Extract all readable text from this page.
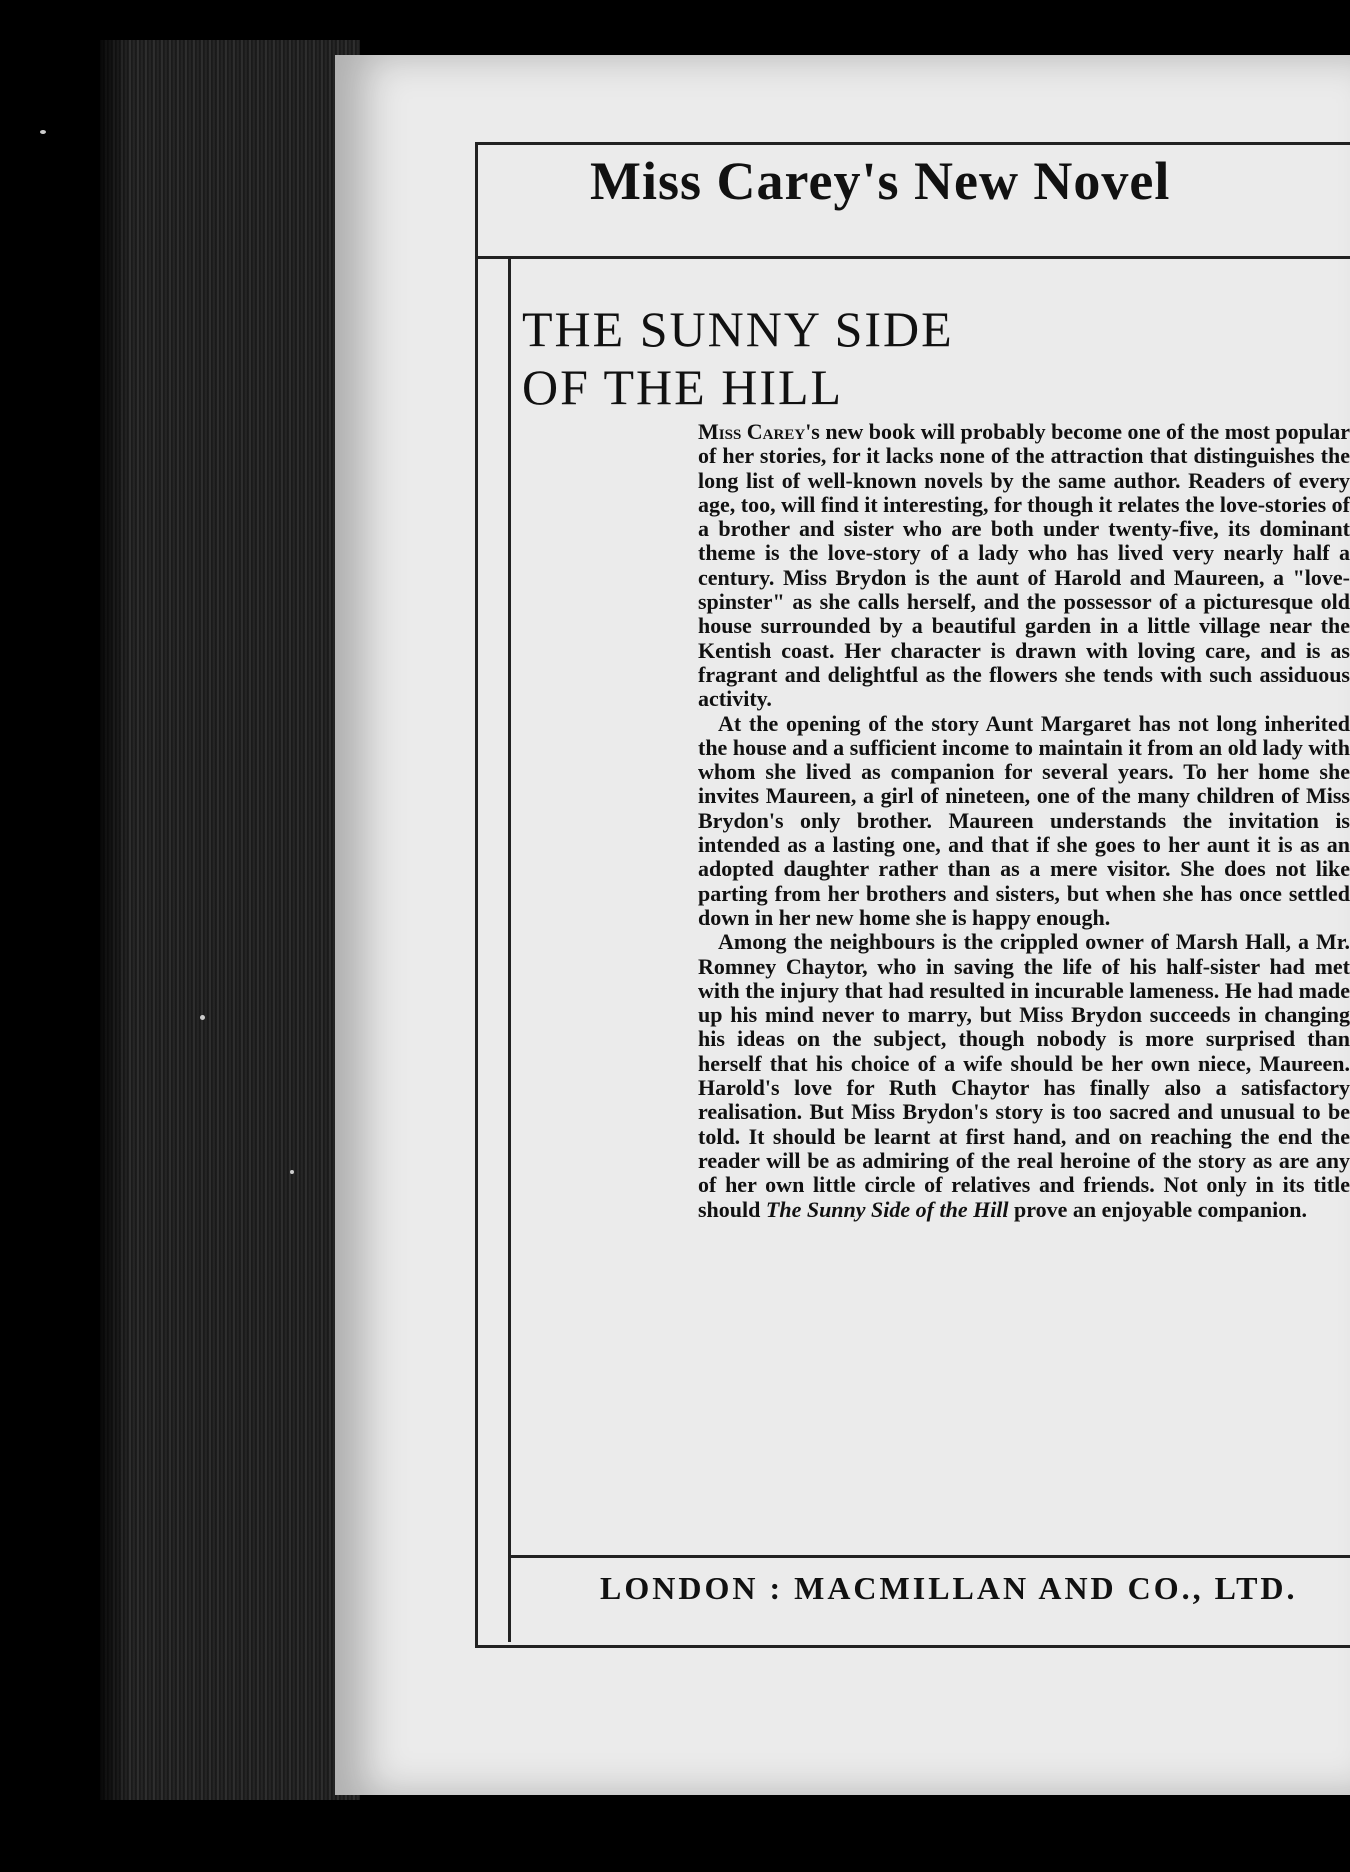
Miss Carey's New Novel
THE SUNNY SIDE
OF THE HILL

Miss Carey's new book will probably become one of the most popular of her stories, for it lacks none of the attraction that distinguishes the long list of well-known novels by the same author. Readers of every age, too, will find it interesting, for though it relates the love-stories of a brother and sister who are both under twenty-five, its dominant theme is the love-story of a lady who has lived very nearly half a century. Miss Brydon is the aunt of Harold and Maureen, a "love-spinster" as she calls herself, and the possessor of a picturesque old house surrounded by a beautiful garden in a little village near the Kentish coast. Her character is drawn with loving care, and is as fragrant and delightful as the flowers she tends with such assiduous activity.

At the opening of the story Aunt Margaret has not long inherited the house and a sufficient income to maintain it from an old lady with whom she lived as companion for several years. To her home she invites Maureen, a girl of nineteen, one of the many children of Miss Brydon's only brother. Maureen understands the invitation is intended as a lasting one, and that if she goes to her aunt it is as an adopted daughter rather than as a mere visitor. She does not like parting from her brothers and sisters, but when she has once settled down in her new home she is happy enough.

Among the neighbours is the crippled owner of Marsh Hall, a Mr. Romney Chaytor, who in saving the life of his half-sister had met with the injury that had resulted in incurable lameness. He had made up his mind never to marry, but Miss Brydon succeeds in changing his ideas on the subject, though nobody is more surprised than herself that his choice of a wife should be her own niece, Maureen. Harold's love for Ruth Chaytor has finally also a satisfactory realisation. But Miss Brydon's story is too sacred and unusual to be told. It should be learnt at first hand, and on reaching the end the reader will be as admiring of the real heroine of the story as are any of her own little circle of relatives and friends. Not only in its title should The Sunny Side of the Hill prove an enjoyable companion.

LONDON : MACMILLAN AND CO., LTD.
